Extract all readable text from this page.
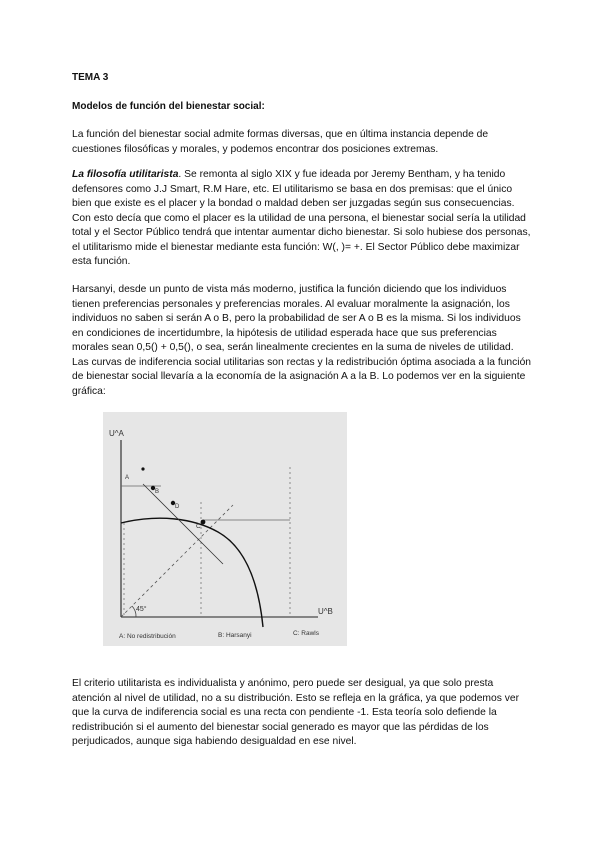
TEMA 3
Modelos de función del bienestar social:

La función del bienestar social admite formas diversas, que en última instancia depende de cuestiones filosóficas y morales, y podemos encontrar dos posiciones extremas.

La filosofía utilitarista. Se remonta al siglo XIX y fue ideada por Jeremy Bentham, y ha tenido defensores como J.J Smart, R.M Hare, etc. El utilitarismo se basa en dos premisas: que el único bien que existe es el placer y la bondad o maldad deben ser juzgadas según sus consecuencias. Con esto decía que como el placer es la utilidad de una persona, el bienestar social sería la utilidad total y el Sector Público tendrá que intentar aumentar dicho bienestar. Si solo hubiese dos personas, el utilitarismo mide el bienestar mediante esta función: W(, )= +. El Sector Público debe maximizar esta función.

Harsanyi, desde un punto de vista más moderno, justifica la función diciendo que los individuos tienen preferencias personales y preferencias morales. Al evaluar moralmente la asignación, los individuos no saben si serán A o B, pero la probabilidad de ser A o B es la misma. Si los individuos en condiciones de incertidumbre, la hipótesis de utilidad esperada hace que sus preferencias morales sean 0,5() + 0,5(), o sea, serán linealmente crecientes en la suma de niveles de utilidad. Las curvas de indiferencia social utilitarias son rectas y la redistribución óptima asociada a la función de bienestar social llevaría a la economía de la asignación A a la B. Lo podemos ver en la siguiente gráfica:

U^A
U^B
45°
A
B
D
C
A: No redistribución	B: Harsanyi	C: Rawls

El criterio utilitarista es individualista y anónimo, pero puede ser desigual, ya que solo presta atención al nivel de utilidad, no a su distribución. Esto se refleja en la gráfica, ya que podemos ver que la curva de indiferencia social es una recta con pendiente -1. Esta teoría solo defiende la redistribución si el aumento del bienestar social generado es mayor que las pérdidas de los perjudicados, aunque siga habiendo desigualdad en ese nivel.
